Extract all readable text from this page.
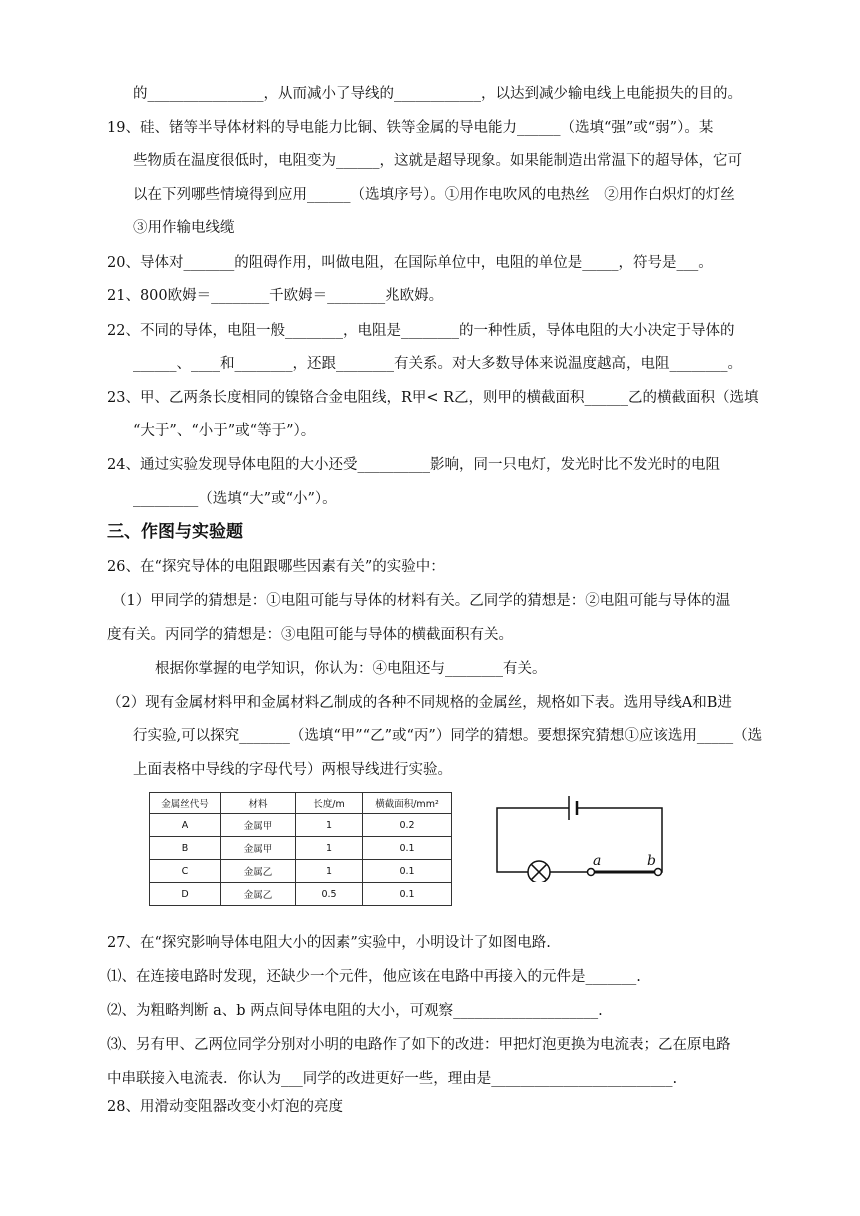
的________________，从而减小了导线的____________，以达到减少输电线上电能损失的目的。
19、硅、锗等半导体材料的导电能力比铜、铁等金属的导电能力______（选填“强”或“弱”）。某
些物质在温度很低时，电阻变为______，这就是超导现象。如果能制造出常温下的超导体，它可
以在下列哪些情境得到应用______（选填序号）。①用作电吹风的电热丝　②用作白炽灯的灯丝
③用作输电线缆
20、导体对_______的阻碍作用，叫做电阻，在国际单位中，电阻的单位是_____，符号是___。
21、800欧姆＝________千欧姆＝________兆欧姆。
22、不同的导体，电阻一般________，电阻是________的一种性质，导体电阻的大小决定于导体的
______、____和________，还跟________有关系。对大多数导体来说温度越高，电阻________。
23、甲、乙两条长度相同的镍铬合金电阻线，R甲< R乙，则甲的横截面积______乙的横截面积（选填
“大于”、“小于”或“等于”）。
24、通过实验发现导体电阻的大小还受__________影响，同一只电灯，发光时比不发光时的电阻
_________（选填“大”或“小”）。
三、作图与实验题
26、在“探究导体的电阻跟哪些因素有关”的实验中：
（1）甲同学的猜想是：①电阻可能与导体的材料有关。乙同学的猜想是：②电阻可能与导体的温
度有关。丙同学的猜想是：③电阻可能与导体的横截面积有关。
根据你掌握的电学知识，你认为：④电阻还与________有关。
（2）现有金属材料甲和金属材料乙制成的各种不同规格的金属丝，规格如下表。选用导线A和B进
行实验,可以探究_______（选填“甲”“乙”或“丙”）同学的猜想。要想探究猜想①应该选用_____（选
上面表格中导线的字母代号）两根导线进行实验。
金属丝代号	材料	长度/m	横截面积/mm²
A	金属甲	1	0.2
B	金属甲	1	0.1
C	金属乙	1	0.1
D	金属乙	0.5	0.1
a	b
27、在“探究影响导体电阻大小的因素”实验中，小明设计了如图电路.
⑴、在连接电路时发现，还缺少一个元件，他应该在电路中再接入的元件是_______.
⑵、为粗略判断 a、b 两点间导体电阻的大小，可观察____________________.
⑶、另有甲、乙两位同学分别对小明的电路作了如下的改进：甲把灯泡更换为电流表；乙在原电路
中串联接入电流表．你认为___同学的改进更好一些，理由是_________________________.
28、用滑动变阻器改变小灯泡的亮度
